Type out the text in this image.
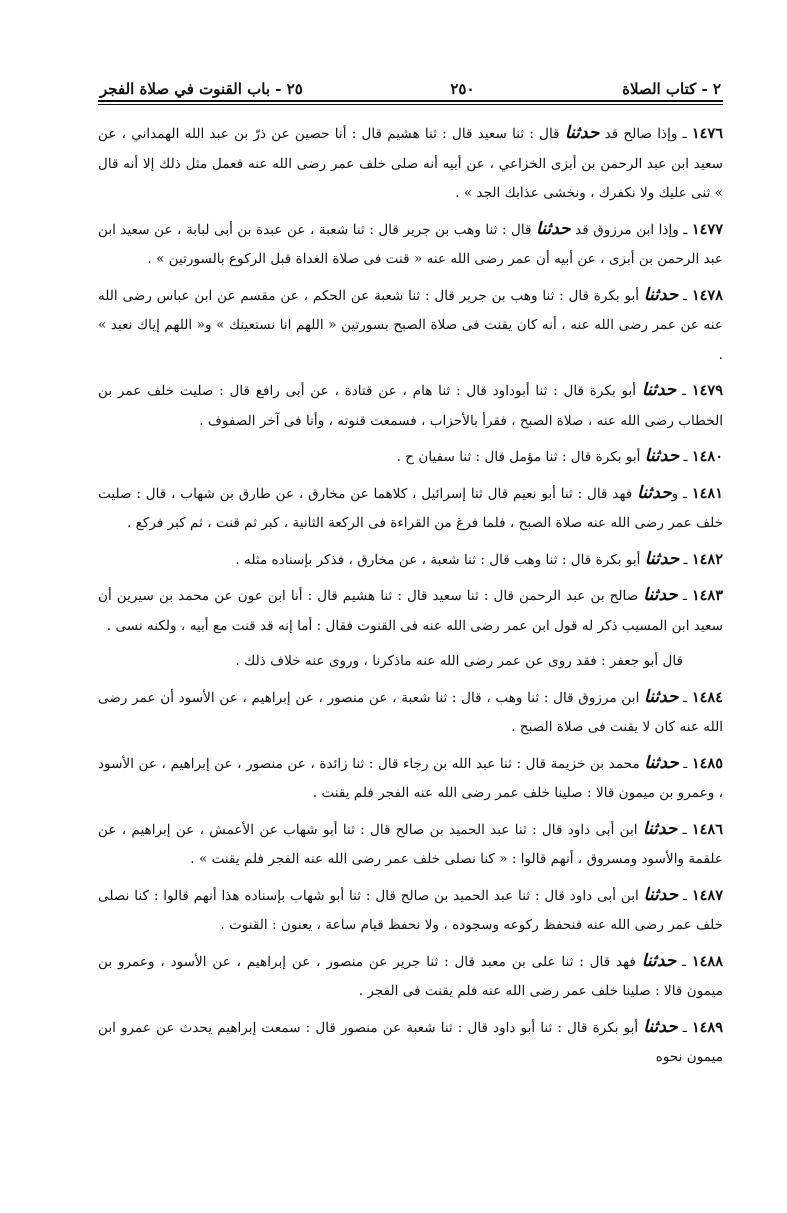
٢ - كتاب الصلاة
٢٥٠
٢٥ - باب القنوت في صلاة الفجر

١٤٧٦ ـ وإذا صالح قد حدثنا قال : ثنا سعيد قال : ثنا هشيم قال : أنا حصين عن ذرّ بن عبد الله الهمداني ، عن سعيد ابن عبد الرحمن بن أبزى الخزاعي ، عن أبيه أنه صلى خلف عمر رضى الله عنه فعمل مثل ذلك إلا أنه قال » ثنى عليك ولا نكفرك ، ونخشى عذابك الجد » .

١٤٧٧ ـ وإذا ابن مرزوق قد حدثنا قال : ثنا وهب بن جرير قال : ثنا شعبة ، عن عبدة بن أبى لبابة ، عن سعيد ابن عبد الرحمن بن أبزى ، عن أبيه أن عمر رضى الله عنه « قنت فى صلاة الغداة قبل الركوع بالسورتين » .

١٤٧٨ ـ حدثنا أبو بكرة قال : ثنا وهب بن جرير قال : ثنا شعبة عن الحكم ، عن مقسم عن ابن عباس رضى الله عنه عن عمر رضى الله عنه ، أنه كان يقنت فى صلاة الصبح بسورتين « اللهم انا نستعينك » و« اللهم إياك نعبد » .

١٤٧٩ ـ حدثنا أبو بكرة قال : ثنا أبوداود قال : ثنا هام ، عن قتادة ، عن أبى رافع قال : صليت خلف عمر بن الخطاب رضى الله عنه ، صلاة الصبح ، فقرأ بالأحزاب ، فسمعت قنوته ، وأنا فى آخر الصفوف .

١٤٨٠ ـ حدثنا أبو بكرة قال : ثنا مؤمل قال : ثنا سفيان ح .

١٤٨١ ـ وحدثنا فهد قال : ثنا أبو نعيم قال ثنا إسرائيل ، كلاهما عن مخارق ، عن طارق بن شهاب ، قال : صليت خلف عمر رضى الله عنه صلاة الصبح ، فلما فرغ من القراءة فى الركعة الثانية ، كبر ثم قنت ، ثم كبر فركع .

١٤٨٢ ـ حدثنا أبو بكرة قال : ثنا وهب قال : ثنا شعبة ، عن مخارق ، فذكر بإسناده مثله .

١٤٨٣ ـ حدثنا صالح بن عبد الرحمن قال : ثنا سعيد قال : ثنا هشيم قال : أنا ابن عون عن محمد بن سيرين أن سعيد ابن المسيب ذكر له قول ابن عمر رضى الله عنه فى القنوت فقال : أما إنه قد قنت مع أبيه ، ولكنه نسى .

قال أبو جعفر : فقد روى عن عمر رضى الله عنه ماذكرنا ، وروى عنه خلاف ذلك .

١٤٨٤ ـ حدثنا ابن مرزوق قال : ثنا وهب ، قال : ثنا شعبة ، عن منصور ، عن إبراهيم ، عن الأسود أن عمر رضى الله عنه كان لا يقنت فى صلاة الصبح .

١٤٨٥ ـ حدثنا محمد بن خزيمة قال : ثنا عبد الله بن رجاء قال : ثنا زائدة ، عن منصور ، عن إبراهيم ، عن الأسود ، وعمرو بن ميمون قالا : صلينا خلف عمر رضى الله عنه الفجر فلم يقنت .

١٤٨٦ ـ حدثنا ابن أبى داود قال : ثنا عبد الحميد بن صالح قال : ثنا أبو شهاب عن الأعمش ، عن إبراهيم ، عن علقمة والأسود ومسروق ، أنهم قالوا : « كنا نصلى خلف عمر رضى الله عنه الفجر فلم يقنت » .

١٤٨٧ ـ حدثنا ابن أبى داود قال : ثنا عبد الحميد بن صالح قال : ثنا أبو شهاب بإسناده هذا أنهم قالوا : كنا نصلى خلف عمر رضى الله عنه فنحفظ ركوعه وسجوده ، ولا نحفظ قيام ساعة ، يعنون : القنوت .

١٤٨٨ ـ حدثنا فهد قال : ثنا على بن معبد قال : ثنا جرير عن منصور ، عن إبراهيم ، عن الأسود ، وعمرو بن ميمون قالا : صلينا خلف عمر رضى الله عنه فلم يقنت فى الفجر .

١٤٨٩ ـ حدثنا أبو بكرة قال : ثنا أبو داود قال : ثنا شعبة عن منصور قال : سمعت إبراهيم يحدث عن عمرو ابن ميمون نحوه
